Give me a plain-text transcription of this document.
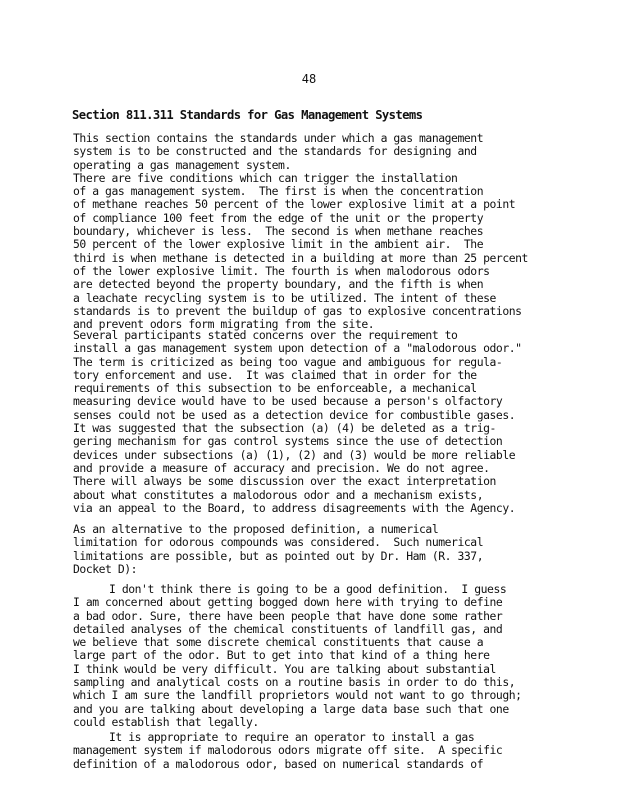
48
Section 811.311 Standards for Gas Management Systems
This section contains the standards under which a gas management
system is to be constructed and the standards for designing and
operating a gas management system.
There are five conditions which can trigger the installation
of a gas management system.  The first is when the concentration
of methane reaches 50 percent of the lower explosive limit at a point
of compliance 100 feet from the edge of the unit or the property
boundary, whichever is less.  The second is when methane reaches
50 percent of the lower explosive limit in the ambient air.  The
third is when methane is detected in a building at more than 25 percent
of the lower explosive limit. The fourth is when malodorous odors
are detected beyond the property boundary, and the fifth is when
a leachate recycling system is to be utilized. The intent of these
standards is to prevent the buildup of gas to explosive concentrations
and prevent odors form migrating from the site.
Several participants stated concerns over the requirement to
install a gas management system upon detection of a "malodorous odor."
The term is criticized as being too vague and ambiguous for regula-
tory enforcement and use.  It was claimed that in order for the
requirements of this subsection to be enforceable, a mechanical
measuring device would have to be used because a person's olfactory
senses could not be used as a detection device for combustible gases.
It was suggested that the subsection (a) (4) be deleted as a trig-
gering mechanism for gas control systems since the use of detection
devices under subsections (a) (1), (2) and (3) would be more reliable
and provide a measure of accuracy and precision. We do not agree.
There will always be some discussion over the exact interpretation
about what constitutes a malodorous odor and a mechanism exists,
via an appeal to the Board, to address disagreements with the Agency.
As an alternative to the proposed definition, a numerical
limitation for odorous compounds was considered.  Such numerical
limitations are possible, but as pointed out by Dr. Ham (R. 337,
Docket D):
I don't think there is going to be a good definition.  I guess
I am concerned about getting bogged down here with trying to define
a bad odor. Sure, there have been people that have done some rather
detailed analyses of the chemical constituents of landfill gas, and
we believe that some discrete chemical constituents that cause a
large part of the odor. But to get into that kind of a thing here
I think would be very difficult. You are talking about substantial
sampling and analytical costs on a routine basis in order to do this,
which I am sure the landfill proprietors would not want to go through;
and you are talking about developing a large data base such that one
could establish that legally.
It is appropriate to require an operator to install a gas
management system if malodorous odors migrate off site.  A specific
definition of a malodorous odor, based on numerical standards of
